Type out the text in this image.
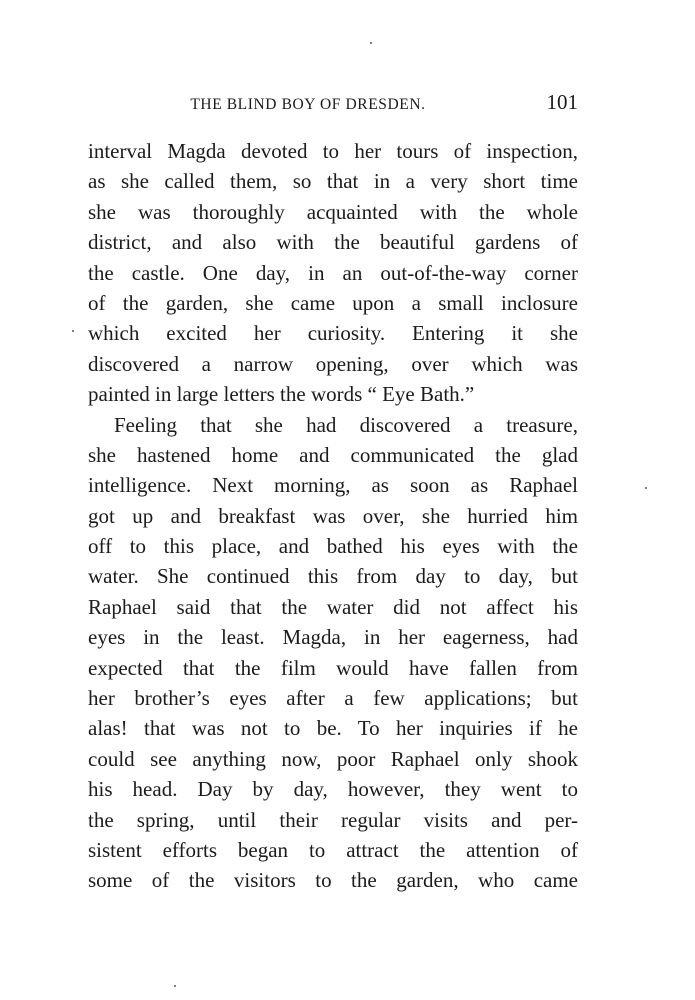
THE BLIND BOY OF DRESDEN.	101
interval Magda devoted to her tours of inspection,
as she called them, so that in a very short time
she was thoroughly acquainted with the whole
district, and also with the beautiful gardens of
the castle. One day, in an out-of-the-way corner
of the garden, she came upon a small inclosure
which excited her curiosity. Entering it she
discovered a narrow opening, over which was
painted in large letters the words “ Eye Bath.”
Feeling that she had discovered a treasure,
she hastened home and communicated the glad
intelligence. Next morning, as soon as Raphael
got up and breakfast was over, she hurried him
off to this place, and bathed his eyes with the
water. She continued this from day to day, but
Raphael said that the water did not affect his
eyes in the least. Magda, in her eagerness, had
expected that the film would have fallen from
her brother’s eyes after a few applications; but
alas! that was not to be. To her inquiries if he
could see anything now, poor Raphael only shook
his head. Day by day, however, they went to
the spring, until their regular visits and per-
sistent efforts began to attract the attention of
some of the visitors to the garden, who came
